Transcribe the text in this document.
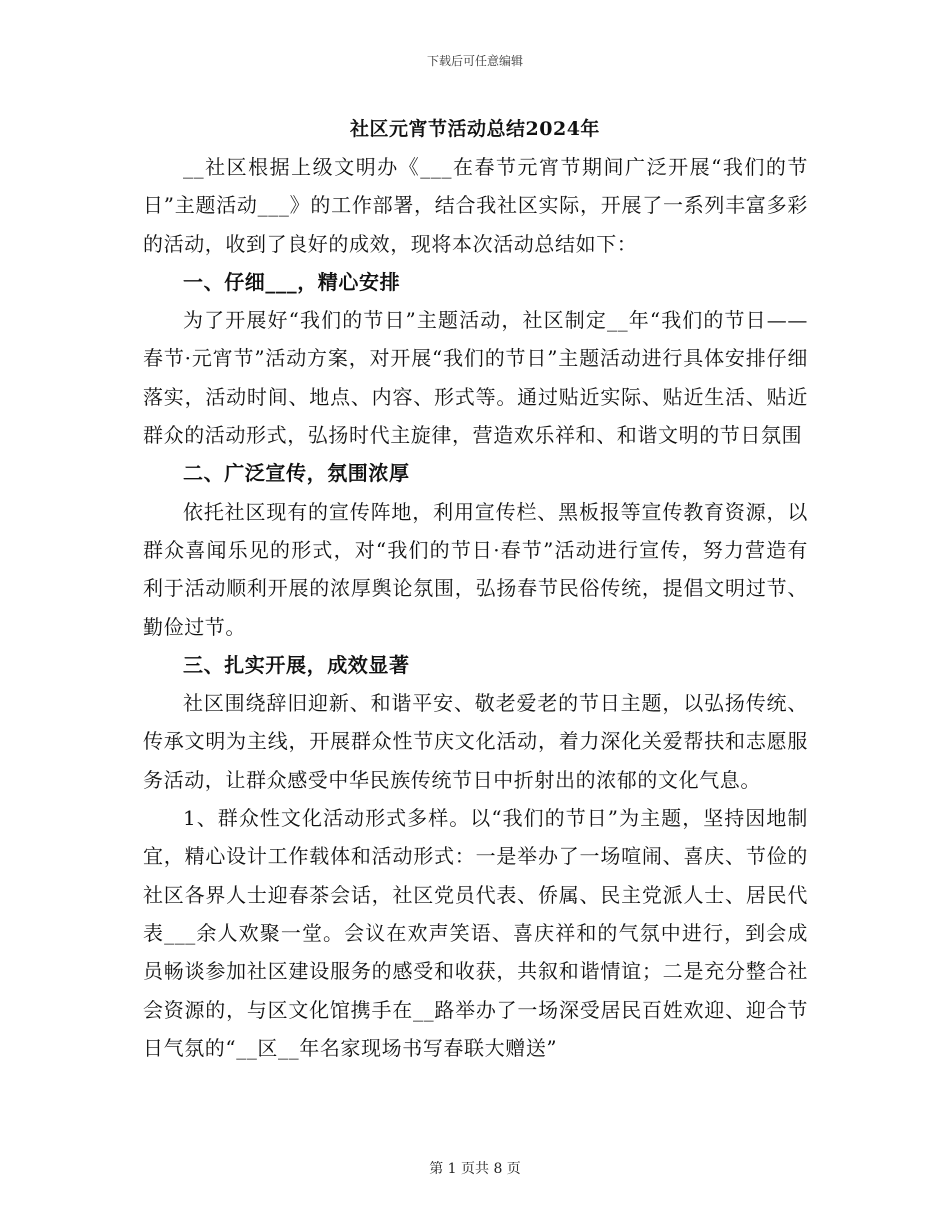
下载后可任意编辑
社区元宵节活动总结2024年

__社区根据上级文明办《___在春节元宵节期间广泛开展“我们的节日”主题活动___》的工作部署，结合我社区实际，开展了一系列丰富多彩的活动，收到了良好的成效，现将本次活动总结如下：

一、仔细___，精心安排

为了开展好“我们的节日”主题活动，社区制定__年“我们的节日——春节·元宵节”活动方案，对开展“我们的节日”主题活动进行具体安排仔细落实，活动时间、地点、内容、形式等。通过贴近实际、贴近生活、贴近群众的活动形式，弘扬时代主旋律，营造欢乐祥和、和谐文明的节日氛围

二、广泛宣传，氛围浓厚

依托社区现有的宣传阵地，利用宣传栏、黑板报等宣传教育资源，以群众喜闻乐见的形式，对“我们的节日·春节”活动进行宣传，努力营造有利于活动顺利开展的浓厚舆论氛围，弘扬春节民俗传统，提倡文明过节、勤俭过节。

三、扎实开展，成效显著

社区围绕辞旧迎新、和谐平安、敬老爱老的节日主题，以弘扬传统、传承文明为主线，开展群众性节庆文化活动，着力深化关爱帮扶和志愿服务活动，让群众感受中华民族传统节日中折射出的浓郁的文化气息。

1、群众性文化活动形式多样。以“我们的节日”为主题，坚持因地制宜，精心设计工作载体和活动形式：一是举办了一场喧闹、喜庆、节俭的社区各界人士迎春茶会话，社区党员代表、侨属、民主党派人士、居民代表___余人欢聚一堂。会议在欢声笑语、喜庆祥和的气氛中进行，到会成员畅谈参加社区建设服务的感受和收获，共叙和谐情谊；二是充分整合社会资源的，与区文化馆携手在__路举办了一场深受居民百姓欢迎、迎合节日气氛的“__区__年名家现场书写春联大赠送”

第 1 页共 8 页
